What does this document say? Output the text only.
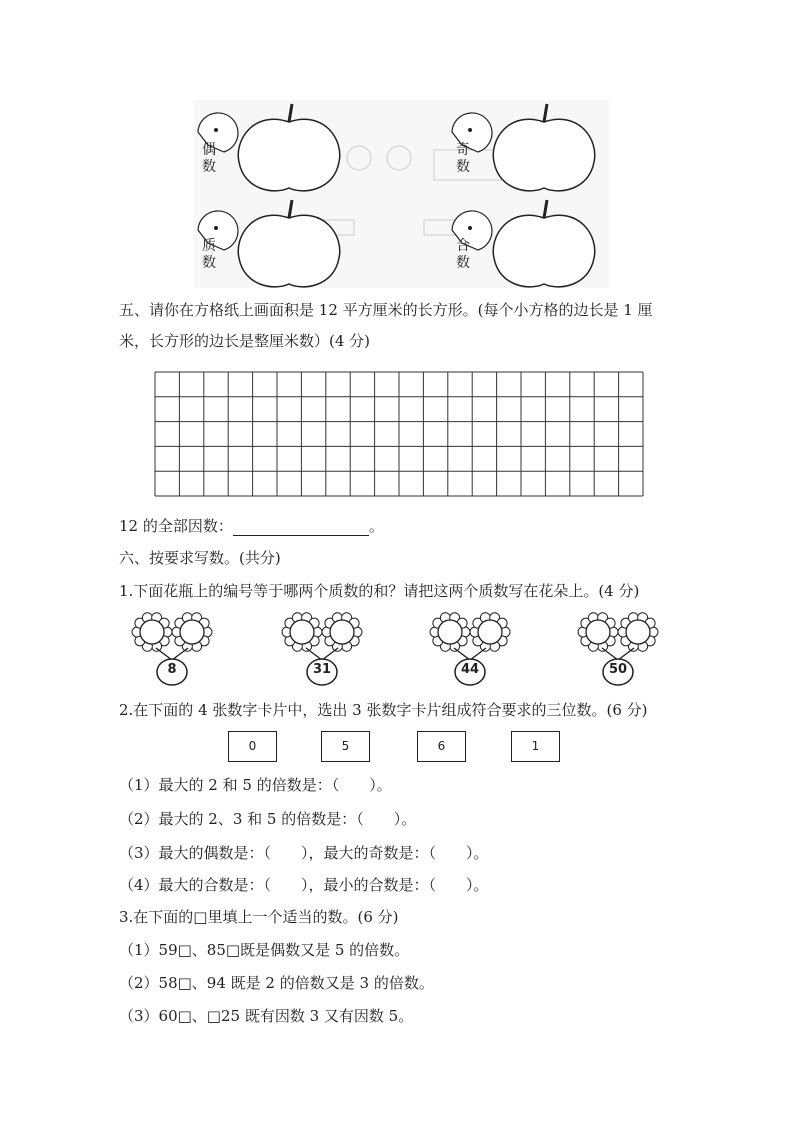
偶数
奇数
质数
合数
五、请你在方格纸上画面积是 12 平方厘米的长方形。(每个小方格的边长是 1 厘
米，长方形的边长是整厘米数）(4 分)
12 的全部因数：	。
六、按要求写数。(共分)
1.下面花瓶上的编号等于哪两个质数的和？请把这两个质数写在花朵上。(4 分)
8	31	44	50
2.在下面的 4 张数字卡片中，选出 3 张数字卡片组成符合要求的三位数。(6 分)
0	5	6	1
（1）最大的 2 和 5 的倍数是：（　　）。
（2）最大的 2、3 和 5 的倍数是：（　　）。
（3）最大的偶数是：（　　），最大的奇数是：（　　）。
（4）最大的合数是：（　　），最小的合数是：（　　）。
3.在下面的□里填上一个适当的数。(6 分)
（1）59□、85□既是偶数又是 5 的倍数。
（2）58□、94 既是 2 的倍数又是 3 的倍数。
（3）60□、□25 既有因数 3 又有因数 5。
